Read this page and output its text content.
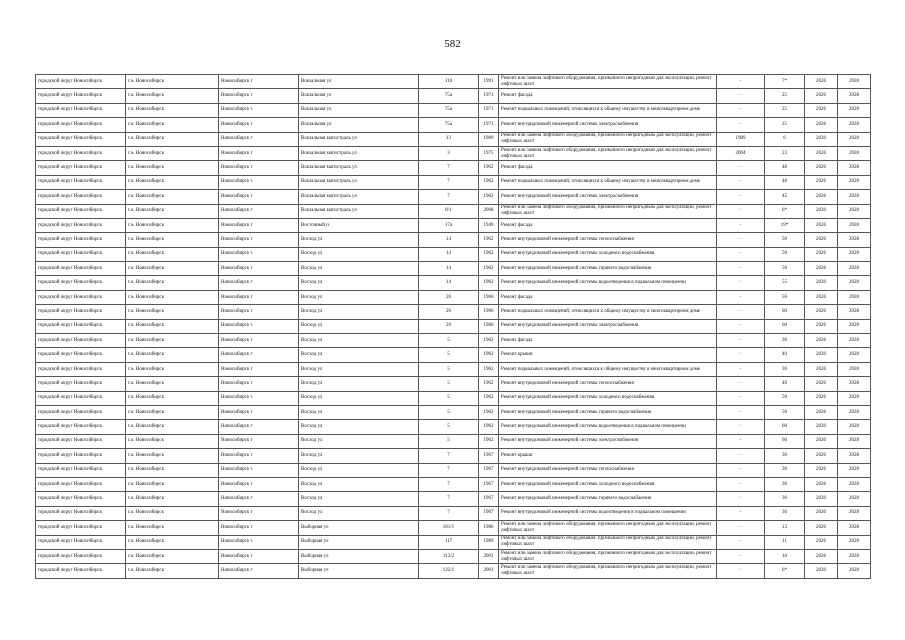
582
городской округ Новосибирск	г.о. Новосибирск	Новосибирск г	Вокзальная ул	110	1991	Ремонт или замена лифтового оборудования, признанного непригодным для эксплуатации, ремонт лифтовых шахт	-	7*	2026	2028
городской округ Новосибирск	г.о. Новосибирск	Новосибирск г	Вокзальная ул	75а	1971	Ремонт фасада	-	25	2026	2028
городской округ Новосибирск	г.о. Новосибирск	Новосибирск г	Вокзальная ул	75а	1971	Ремонт подвальных помещений, относящихся к общему имуществу в многоквартирном доме	-	25	2026	2028
городской округ Новосибирск	г.о. Новосибирск	Новосибирск г	Вокзальная ул	75а	1971	Ремонт внутридомовой инженерной системы электроснабжения	-	25	2026	2028
городской округ Новосибирск	г.о. Новосибирск	Новосибирск г	Вокзальная магистраль ул	13	1989	Ремонт или замена лифтового оборудования, признанного непригодным для эксплуатации, ремонт лифтовых шахт	1989	6	2026	2028
городской округ Новосибирск	г.о. Новосибирск	Новосибирск г	Вокзальная магистраль ул	3	1975	Ремонт или замена лифтового оборудования, признанного непригодным для эксплуатации, ремонт лифтовых шахт	2004	23	2026	2028
городской округ Новосибирск	г.о. Новосибирск	Новосибирск г	Вокзальная магистраль ул	7	1962	Ремонт фасада	-	48	2026	2028
городской округ Новосибирск	г.о. Новосибирск	Новосибирск г	Вокзальная магистраль ул	7	1962	Ремонт подвальных помещений, относящихся к общему имуществу в многоквартирном доме	-	48	2026	2028
городской округ Новосибирск	г.о. Новосибирск	Новосибирск г	Вокзальная магистраль ул	7	1962	Ремонт внутридомовой инженерной системы электроснабжения	-	45	2026	2028
городской округ Новосибирск	г.о. Новосибирск	Новосибирск г	Вокзальная магистраль ул	8/1	2008	Ремонт или замена лифтового оборудования, признанного непригодным для эксплуатации, ремонт лифтовых шахт	-	6*	2026	2028
городской округ Новосибирск	г.о. Новосибирск	Новосибирск г	Восточный п	17а	1949	Ремонт фасада	-	19*	2026	2028
городской округ Новосибирск	г.о. Новосибирск	Новосибирск г	Восход ул	14	1962	Ремонт внутридомовой инженерной системы теплоснабжения	-	50	2026	2028
городской округ Новосибирск	г.о. Новосибирск	Новосибирск г	Восход ул	14	1962	Ремонт внутридомовой инженерной системы холодного водоснабжения	-	50	2026	2028
городской округ Новосибирск	г.о. Новосибирск	Новосибирск г	Восход ул	14	1962	Ремонт внутридомовой инженерной системы горячего водоснабжения	-	50	2026	2028
городской округ Новосибирск	г.о. Новосибирск	Новосибирск г	Восход ул	14	1962	Ремонт внутридомовой инженерной системы водоотведения в подвальном помещении	-	55	2026	2028
городской округ Новосибирск	г.о. Новосибирск	Новосибирск г	Восход ул	26	1960	Ремонт фасада	-	56	2026	2028
городской округ Новосибирск	г.о. Новосибирск	Новосибирск г	Восход ул	26	1960	Ремонт подвальных помещений, относящихся к общему имуществу в многоквартирном доме	-	60	2026	2028
городской округ Новосибирск	г.о. Новосибирск	Новосибирск г	Восход ул	26	1960	Ремонт внутридомовой инженерной системы электроснабжения	-	60	2026	2028
городской округ Новосибирск	г.о. Новосибирск	Новосибирск г	Восход ул	5	1962	Ремонт фасада	-	36	2026	2028
городской округ Новосибирск	г.о. Новосибирск	Новосибирск г	Восход ул	5	1962	Ремонт крыши	-	40	2026	2028
городской округ Новосибирск	г.о. Новосибирск	Новосибирск г	Восход ул	5	1962	Ремонт подвальных помещений, относящихся к общему имуществу в многоквартирном доме	-	36	2026	2028
городской округ Новосибирск	г.о. Новосибирск	Новосибирск г	Восход ул	5	1962	Ремонт внутридомовой инженерной системы теплоснабжения	-	40	2026	2028
городской округ Новосибирск	г.о. Новосибирск	Новосибирск г	Восход ул	5	1962	Ремонт внутридомовой инженерной системы холодного водоснабжения	-	50	2026	2028
городской округ Новосибирск	г.о. Новосибирск	Новосибирск г	Восход ул	5	1962	Ремонт внутридомовой инженерной системы горячего водоснабжения	-	50	2026	2028
городской округ Новосибирск	г.о. Новосибирск	Новосибирск г	Восход ул	5	1962	Ремонт внутридомовой инженерной системы водоотведения в подвальном помещении	-	60	2026	2028
городской округ Новосибирск	г.о. Новосибирск	Новосибирск г	Восход ул	5	1962	Ремонт внутридомовой инженерной системы электроснабжения	-	60	2026	2028
городской округ Новосибирск	г.о. Новосибирск	Новосибирск г	Восход ул	7	1967	Ремонт крыши	-	36	2026	2028
городской округ Новосибирск	г.о. Новосибирск	Новосибирск г	Восход ул	7	1967	Ремонт внутридомовой инженерной системы теплоснабжения	-	36	2026	2028
городской округ Новосибирск	г.о. Новосибирск	Новосибирск г	Восход ул	7	1967	Ремонт внутридомовой инженерной системы холодного водоснабжения	-	36	2026	2028
городской округ Новосибирск	г.о. Новосибирск	Новосибирск г	Восход ул	7	1967	Ремонт внутридомовой инженерной системы горячего водоснабжения	-	36	2026	2028
городской округ Новосибирск	г.о. Новосибирск	Новосибирск г	Восход ул	7	1967	Ремонт внутридомовой инженерной системы водоотведения в подвальном помещении	-	36	2026	2028
городской округ Новосибирск	г.о. Новосибирск	Новосибирск г	Выборная ул	101/1	1986	Ремонт или замена лифтового оборудования, признанного непригодным для эксплуатации, ремонт лифтовых шахт	-	13	2026	2028
городской округ Новосибирск	г.о. Новосибирск	Новосибирск г	Выборная ул	117	1989	Ремонт или замена лифтового оборудования, признанного непригодным для эксплуатации, ремонт лифтовых шахт	-	11	2026	2028
городской округ Новосибирск	г.о. Новосибирск	Новосибирск г	Выборная ул	113/2	2001	Ремонт или замена лифтового оборудования, признанного непригодным для эксплуатации, ремонт лифтовых шахт	-	10	2026	2028
городской округ Новосибирск	г.о. Новосибирск	Новосибирск г	Выборная ул	122/1	2001	Ремонт или замена лифтового оборудования, признанного непригодным для эксплуатации, ремонт лифтовых шахт	-	6*	2026	2028
